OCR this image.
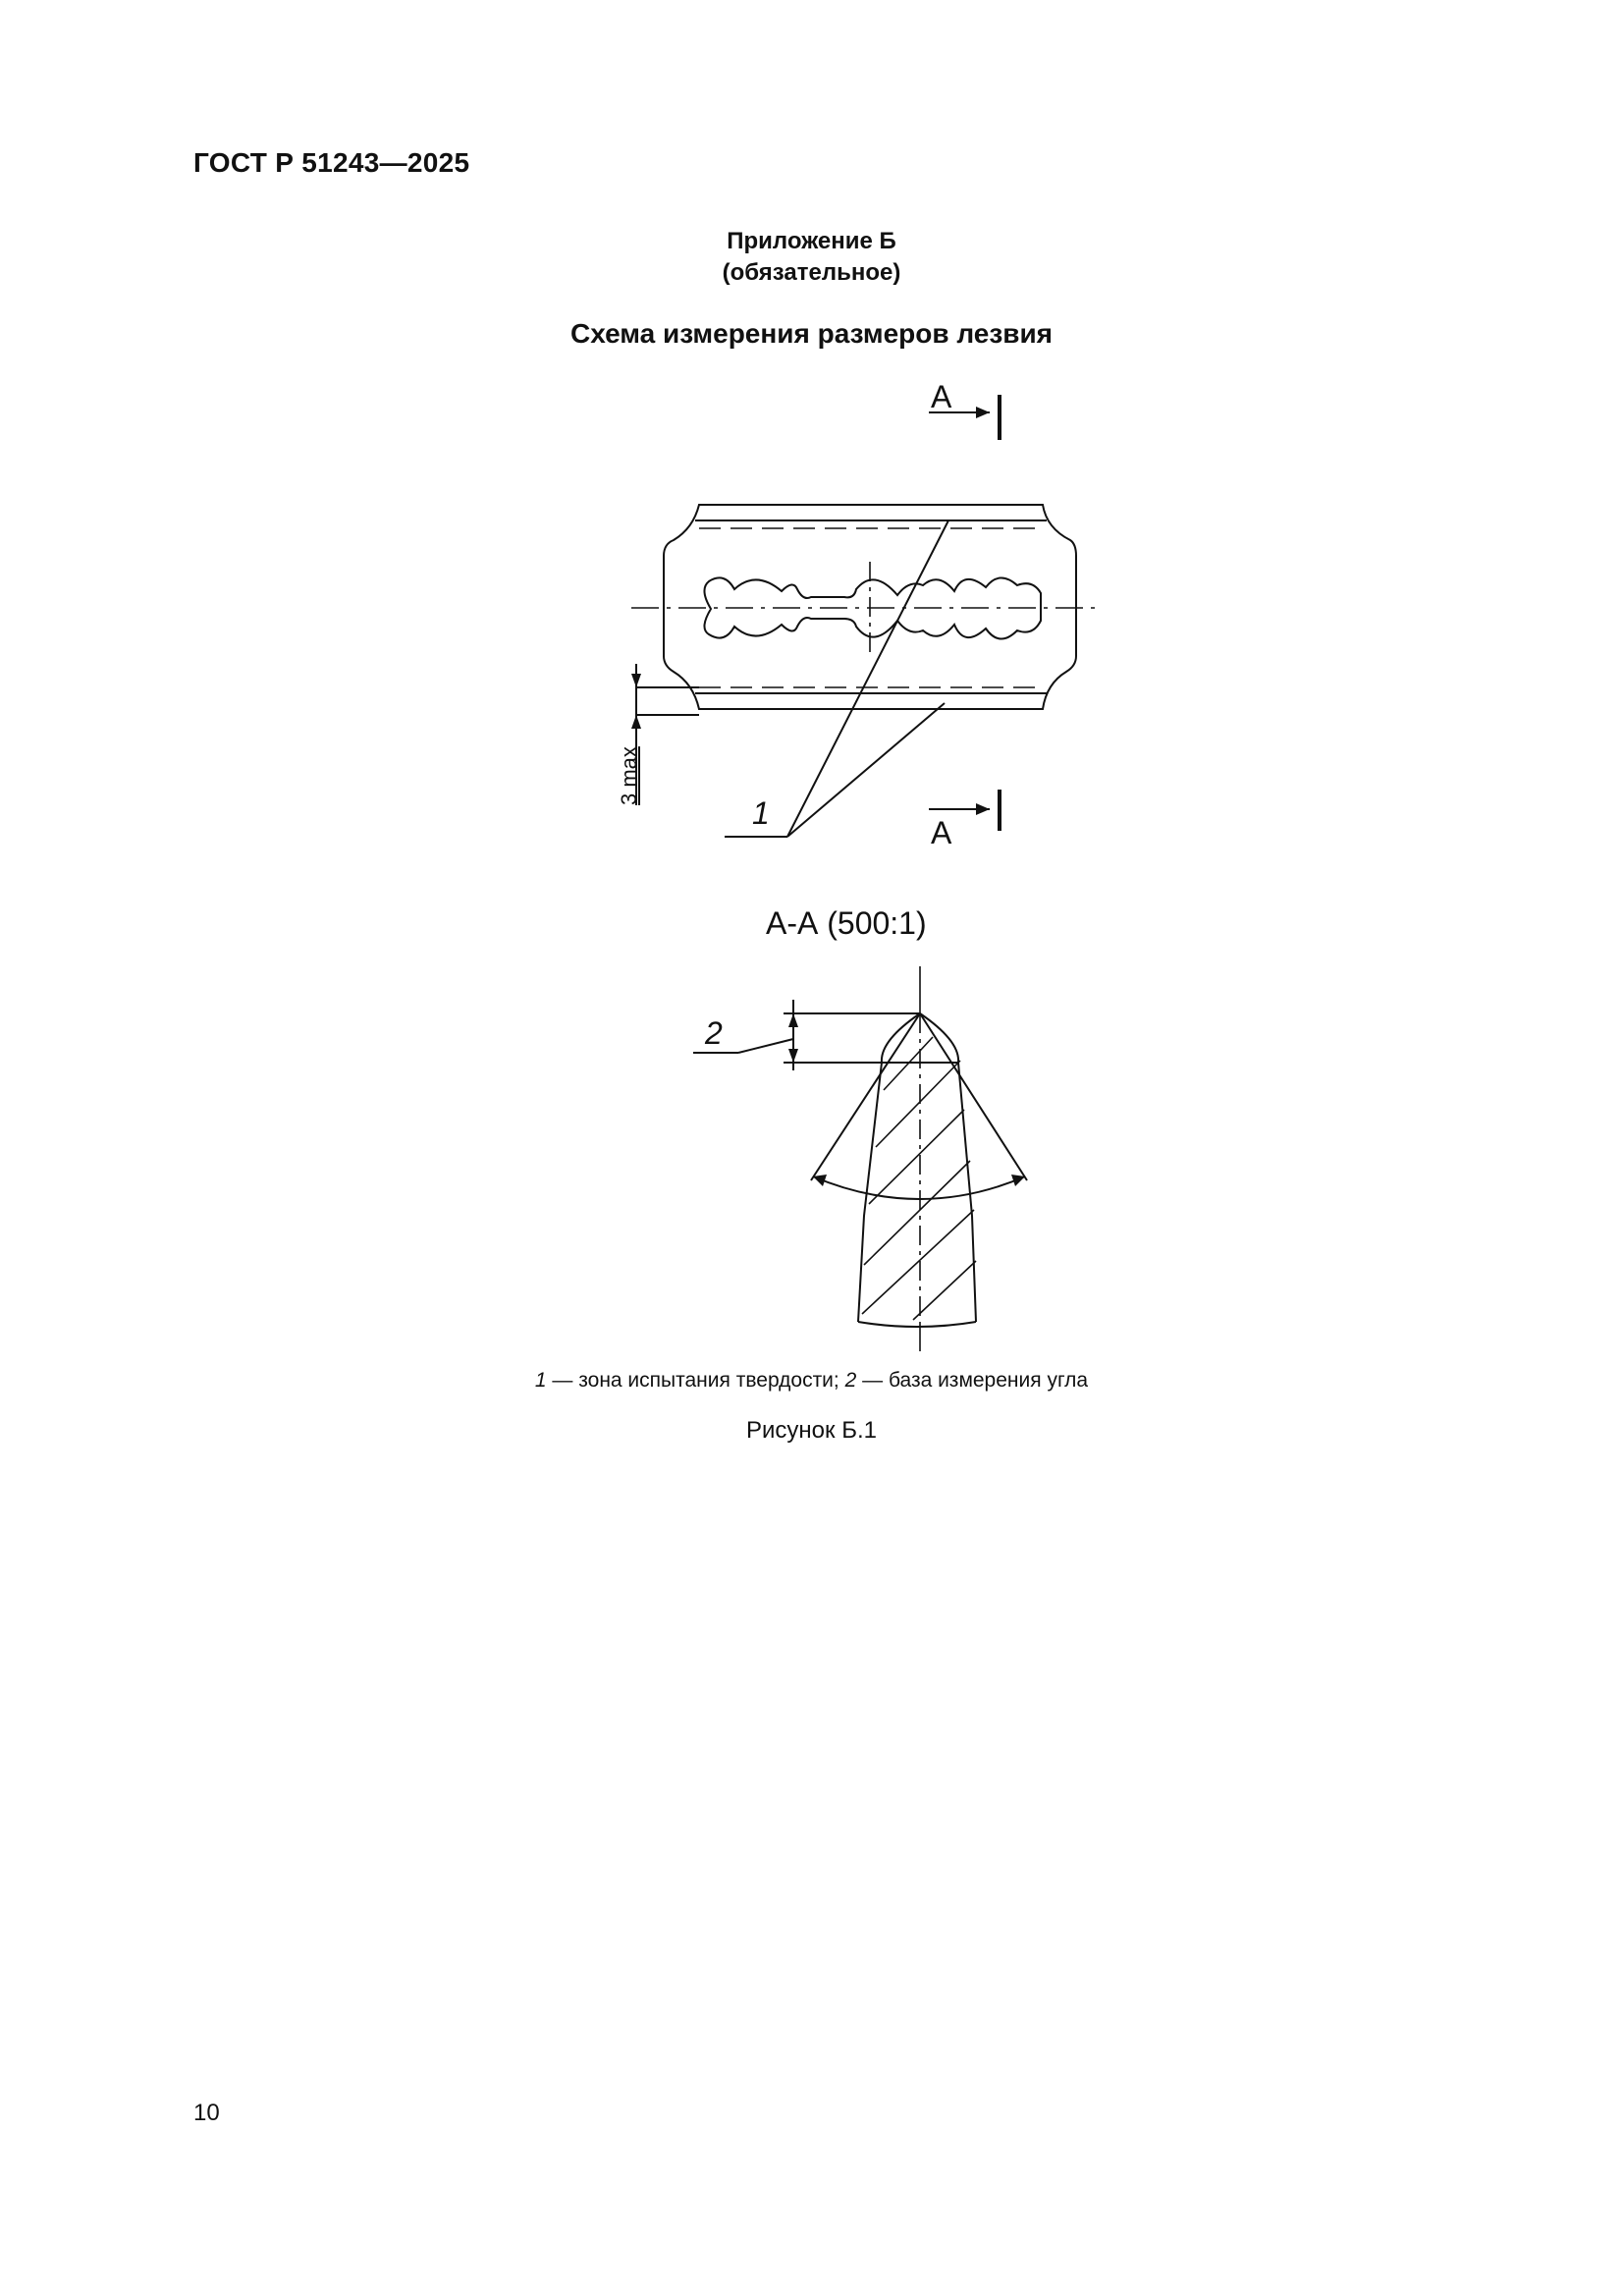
ГОСТ Р 51243—2025
Приложение Б
(обязательное)
Схема измерения размеров лезвия
А
А
3 max
1
А-А (500:1)
2
1 — зона испытания твердости; 2 — база измерения угла
Рисунок Б.1
10
